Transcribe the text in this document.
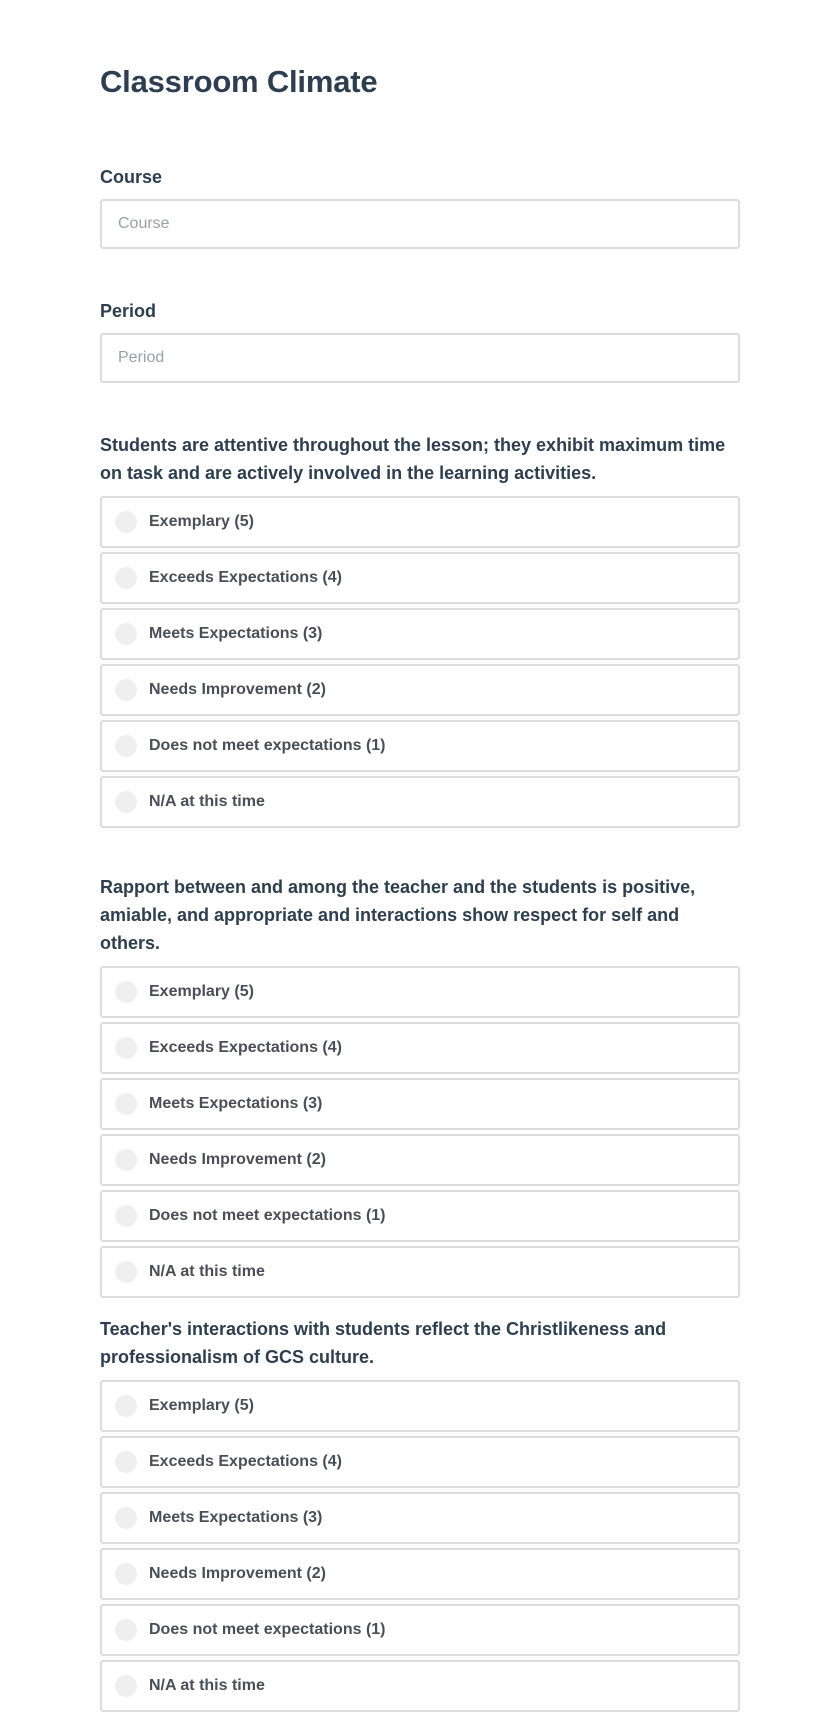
Classroom Climate
Course
Course
Period
Period

Students are attentive throughout the lesson; they exhibit maximum time on task and are actively involved in the learning activities.

Exemplary (5)
Exceeds Expectations (4)
Meets Expectations (3)
Needs Improvement (2)
Does not meet expectations (1)
N/A at this time

Rapport between and among the teacher and the students is positive, amiable, and appropriate and interactions show respect for self and others.

Exemplary (5)
Exceeds Expectations (4)
Meets Expectations (3)
Needs Improvement (2)
Does not meet expectations (1)
N/A at this time

Teacher's interactions with students reflect the Christlikeness and professionalism of GCS culture.

Exemplary (5)
Exceeds Expectations (4)
Meets Expectations (3)
Needs Improvement (2)
Does not meet expectations (1)
N/A at this time
